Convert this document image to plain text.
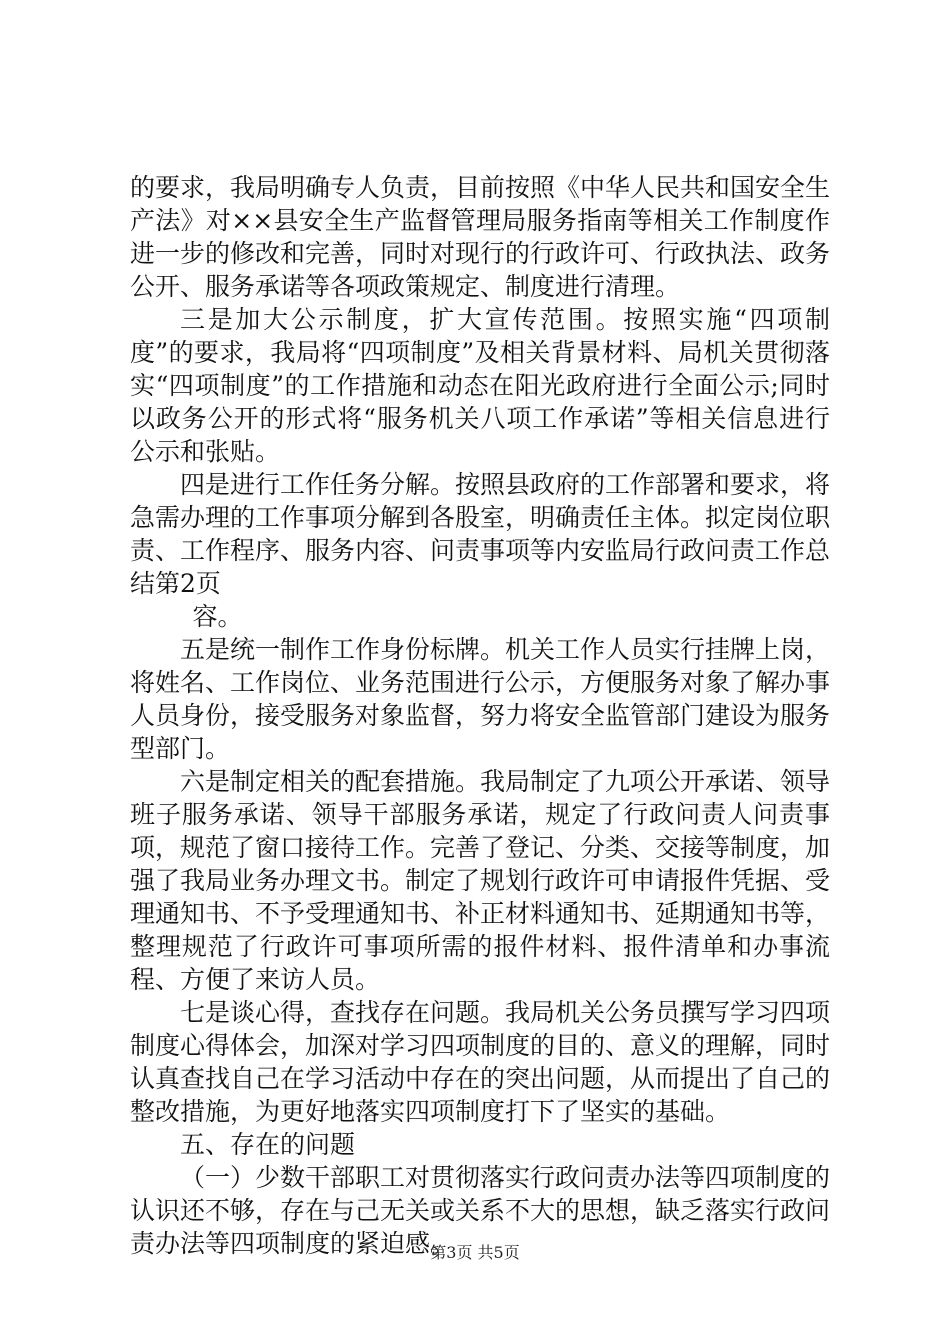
的要求，我局明确专人负责，目前按照《中华人民共和国安全生产法》对××县安全生产监督管理局服务指南等相关工作制度作进一步的修改和完善，同时对现行的行政许可、行政执法、政务公开、服务承诺等各项政策规定、制度进行清理。

三是加大公示制度，扩大宣传范围。按照实施“四项制度”的要求，我局将“四项制度”及相关背景材料、局机关贯彻落实“四项制度”的工作措施和动态在阳光政府进行全面公示;同时以政务公开的形式将“服务机关八项工作承诺”等相关信息进行公示和张贴。

四是进行工作任务分解。按照县政府的工作部署和要求，将急需办理的工作事项分解到各股室，明确责任主体。拟定岗位职责、工作程序、服务内容、问责事项等内安监局行政问责工作总结第2页

容。

五是统一制作工作身份标牌。机关工作人员实行挂牌上岗，将姓名、工作岗位、业务范围进行公示，方便服务对象了解办事人员身份，接受服务对象监督，努力将安全监管部门建设为服务型部门。

六是制定相关的配套措施。我局制定了九项公开承诺、领导班子服务承诺、领导干部服务承诺，规定了行政问责人问责事项，规范了窗口接待工作。完善了登记、分类、交接等制度，加强了我局业务办理文书。制定了规划行政许可申请报件凭据、受理通知书、不予受理通知书、补正材料通知书、延期通知书等，整理规范了行政许可事项所需的报件材料、报件清单和办事流程、方便了来访人员。

七是谈心得，查找存在问题。我局机关公务员撰写学习四项制度心得体会，加深对学习四项制度的目的、意义的理解，同时认真查找自己在学习活动中存在的突出问题，从而提出了自己的整改措施，为更好地落实四项制度打下了坚实的基础。

五、存在的问题

（一）少数干部职工对贯彻落实行政问责办法等四项制度的认识还不够，存在与己无关或关系不大的思想，缺乏落实行政问责办法等四项制度的紧迫感。

第3页 共5页
